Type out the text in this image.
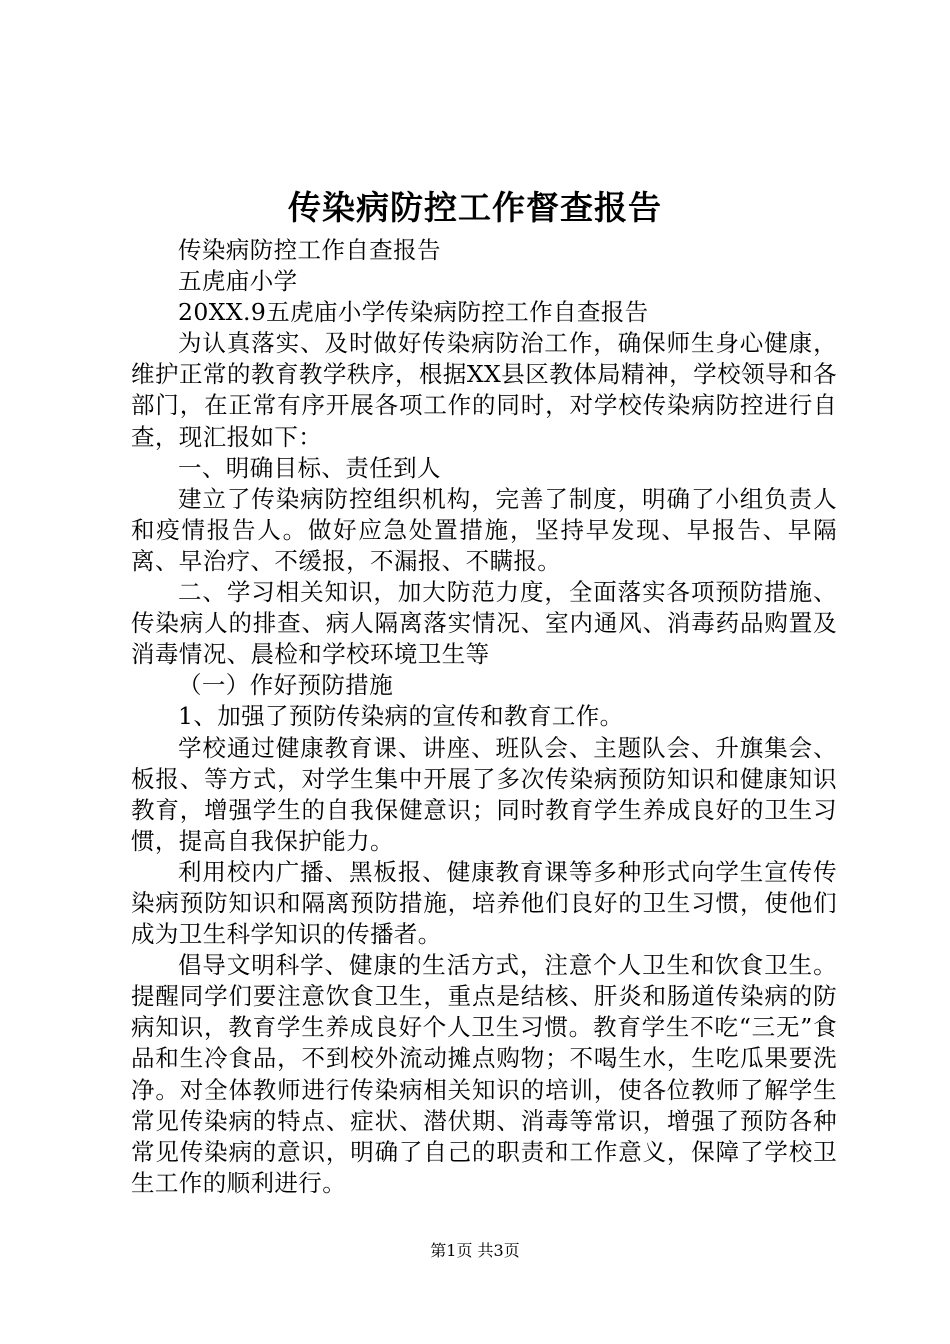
传染病防控工作督查报告

传染病防控工作自查报告

五虎庙小学

20XX.9五虎庙小学传染病防控工作自查报告

为认真落实、及时做好传染病防治工作，确保师生身心健康，维护正常的教育教学秩序，根据XX县区教体局精神，学校领导和各部门，在正常有序开展各项工作的同时，对学校传染病防控进行自查，现汇报如下：

一、明确目标、责任到人

建立了传染病防控组织机构，完善了制度，明确了小组负责人和疫情报告人。做好应急处置措施，坚持早发现、早报告、早隔离、早治疗、不缓报，不漏报、不瞒报。

二、学习相关知识，加大防范力度，全面落实各项预防措施、传染病人的排查、病人隔离落实情况、室内通风、消毒药品购置及消毒情况、晨检和学校环境卫生等

（一）作好预防措施

1、加强了预防传染病的宣传和教育工作。

学校通过健康教育课、讲座、班队会、主题队会、升旗集会、板报、等方式，对学生集中开展了多次传染病预防知识和健康知识教育，增强学生的自我保健意识；同时教育学生养成良好的卫生习惯，提高自我保护能力。

利用校内广播、黑板报、健康教育课等多种形式向学生宣传传染病预防知识和隔离预防措施，培养他们良好的卫生习惯，使他们成为卫生科学知识的传播者。

倡导文明科学、健康的生活方式，注意个人卫生和饮食卫生。提醒同学们要注意饮食卫生，重点是结核、肝炎和肠道传染病的防病知识，教育学生养成良好个人卫生习惯。教育学生不吃“三无”食品和生冷食品，不到校外流动摊点购物；不喝生水，生吃瓜果要洗净。对全体教师进行传染病相关知识的培训，使各位教师了解学生常见传染病的特点、症状、潜伏期、消毒等常识，增强了预防各种常见传染病的意识，明确了自己的职责和工作意义，保障了学校卫生工作的顺利进行。

第1页 共3页
